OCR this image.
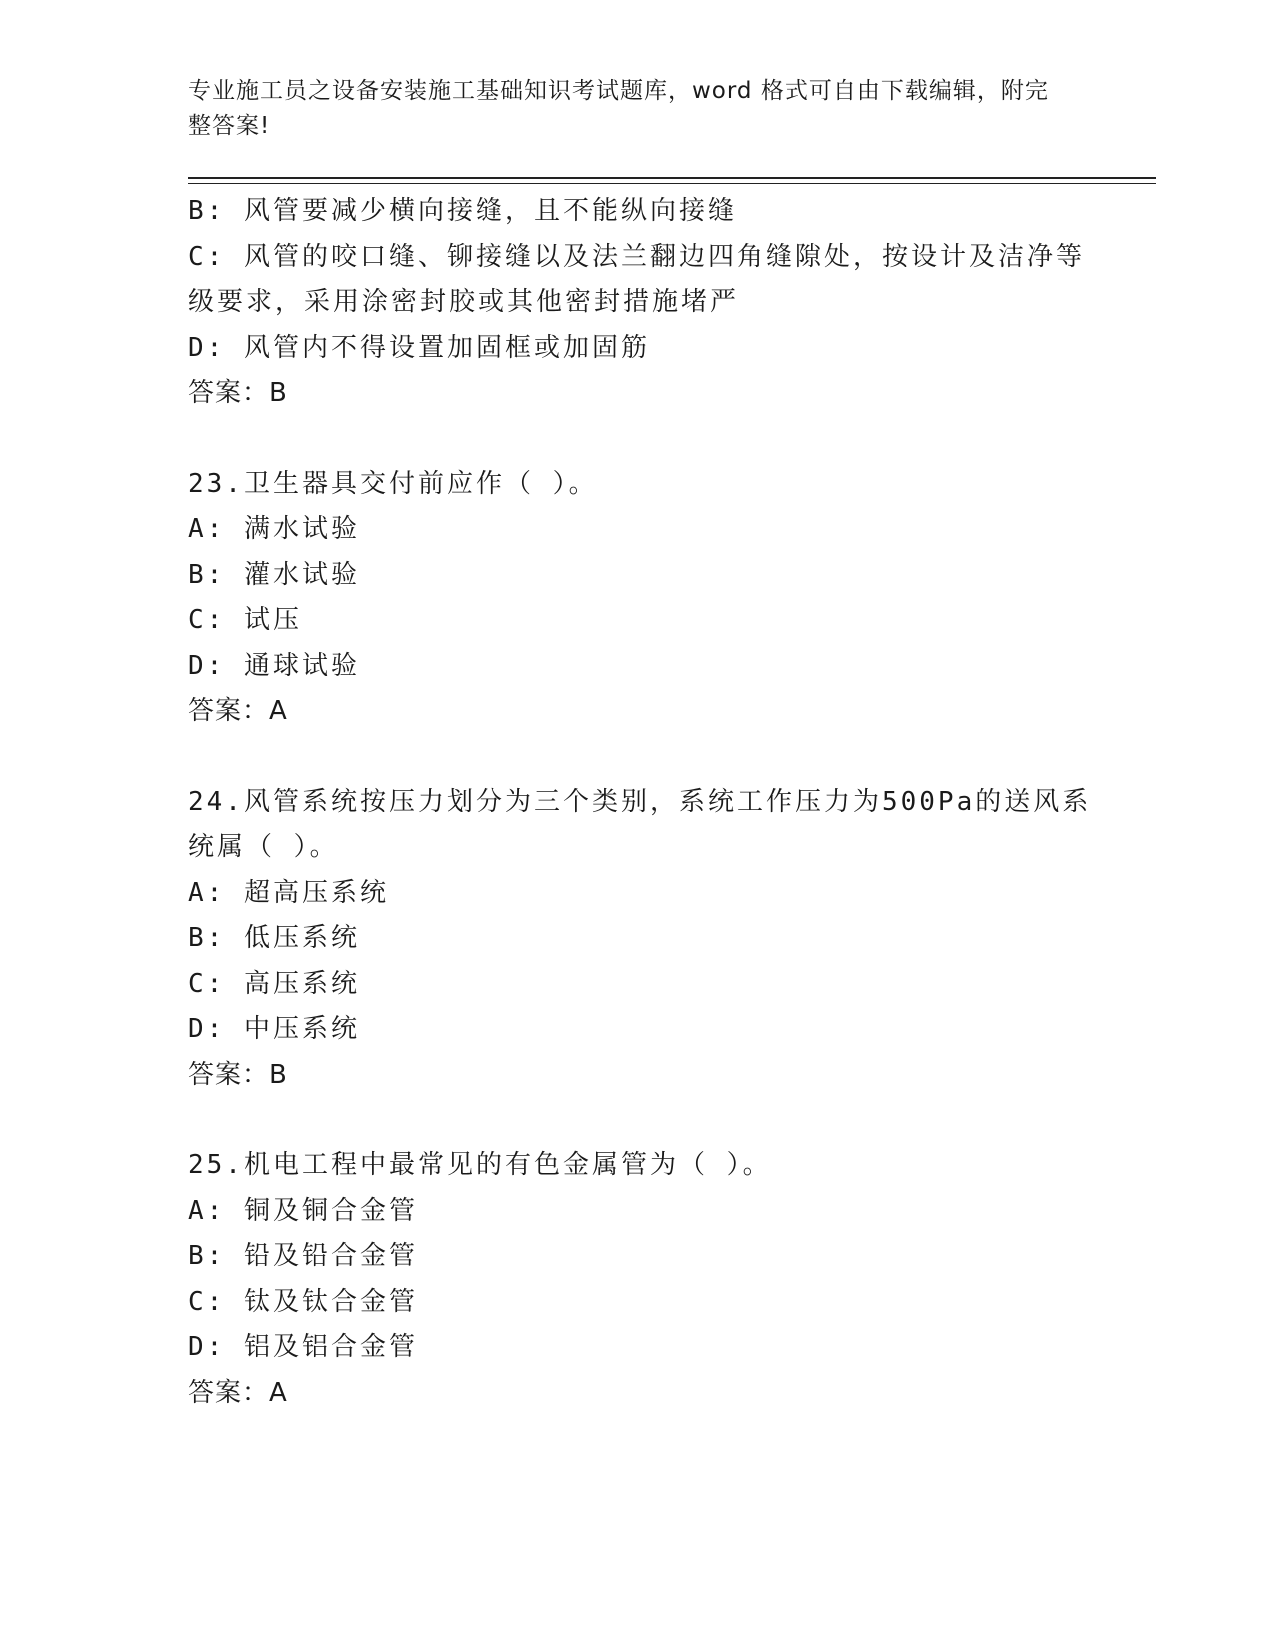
专业施工员之设备安装施工基础知识考试题库，word 格式可自由下载编辑，附完
整答案!
B: 风管要减少横向接缝，且不能纵向接缝
C: 风管的咬口缝、铆接缝以及法兰翻边四角缝隙处，按设计及洁净等
级要求，采用涂密封胶或其他密封措施堵严
D: 风管内不得设置加固框或加固筋
答案：B
23.卫生器具交付前应作（ ）。
A: 满水试验
B: 灌水试验
C: 试压
D: 通球试验
答案：A
24.风管系统按压力划分为三个类别，系统工作压力为500Pa的送风系
统属（ ）。
A: 超高压系统
B: 低压系统
C: 高压系统
D: 中压系统
答案：B
25.机电工程中最常见的有色金属管为（ ）。
A: 铜及铜合金管
B: 铅及铅合金管
C: 钛及钛合金管
D: 铝及铝合金管
答案：A
